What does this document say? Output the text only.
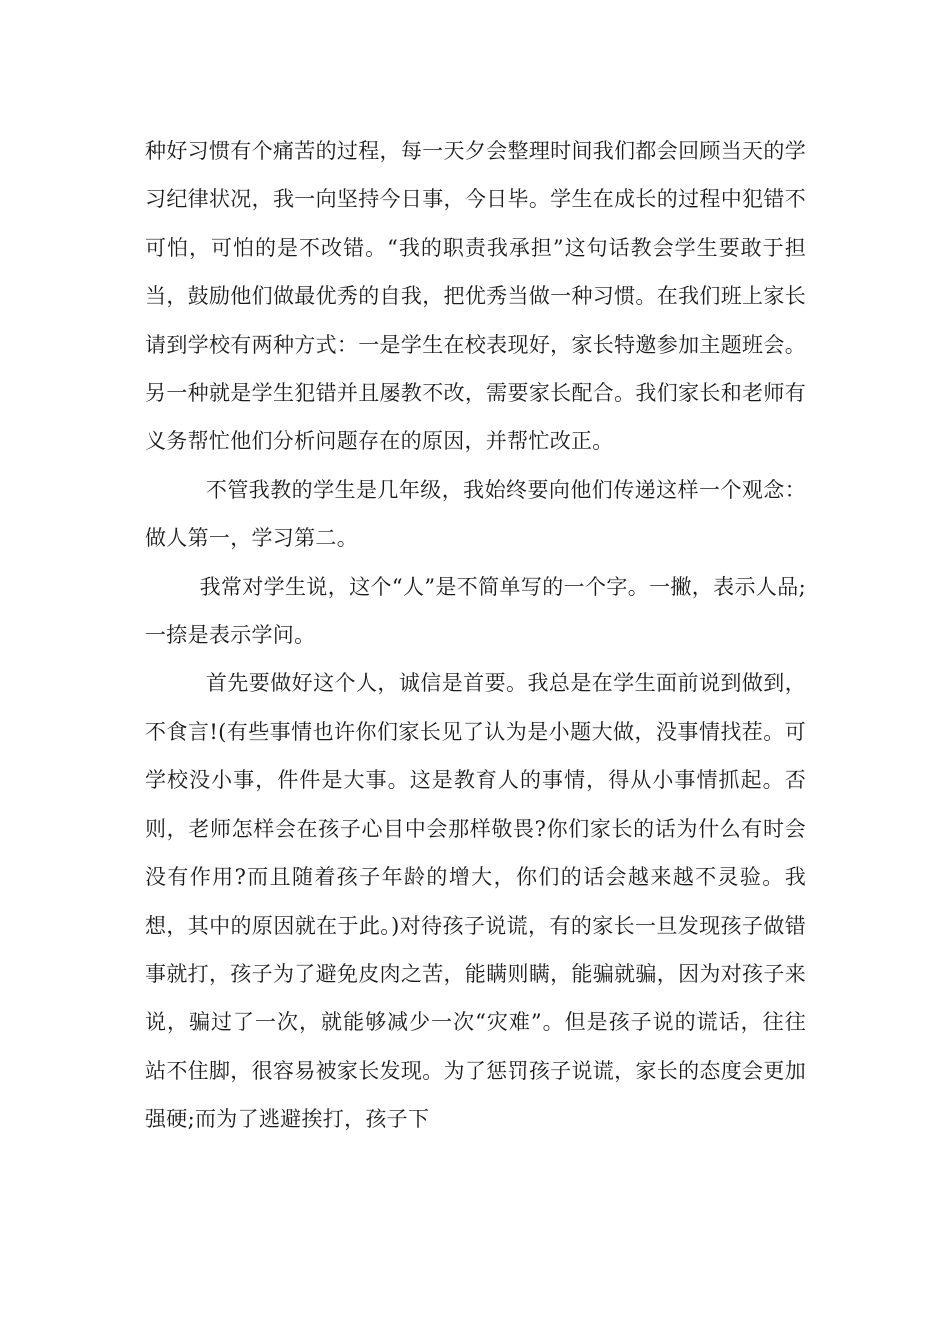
种好习惯有个痛苦的过程，每一天夕会整理时间我们都会回顾当天的学习纪律状况，我一向坚持今日事，今日毕。学生在成长的过程中犯错不可怕，可怕的是不改错。“我的职责我承担”这句话教会学生要敢于担当，鼓励他们做最优秀的自我，把优秀当做一种习惯。在我们班上家长请到学校有两种方式：一是学生在校表现好，家长特邀参加主题班会。另一种就是学生犯错并且屡教不改，需要家长配合。我们家长和老师有义务帮忙他们分析问题存在的原因，并帮忙改正。

不管我教的学生是几年级，我始终要向他们传递这样一个观念：做人第一，学习第二。

我常对学生说，这个“人”是不简单写的一个字。一撇，表示人品;一捺是表示学问。

首先要做好这个人，诚信是首要。我总是在学生面前说到做到，不食言!(有些事情也许你们家长见了认为是小题大做，没事情找茬。可学校没小事，件件是大事。这是教育人的事情，得从小事情抓起。否则，老师怎样会在孩子心目中会那样敬畏?你们家长的话为什么有时会没有作用?而且随着孩子年龄的增大，你们的话会越来越不灵验。我想，其中的原因就在于此。)对待孩子说谎，有的家长一旦发现孩子做错事就打，孩子为了避免皮肉之苦，能瞒则瞒，能骗就骗，因为对孩子来说，骗过了一次，就能够减少一次“灾难”。但是孩子说的谎话，往往站不住脚，很容易被家长发现。为了惩罚孩子说谎，家长的态度会更加强硬;而为了逃避挨打，孩子下
